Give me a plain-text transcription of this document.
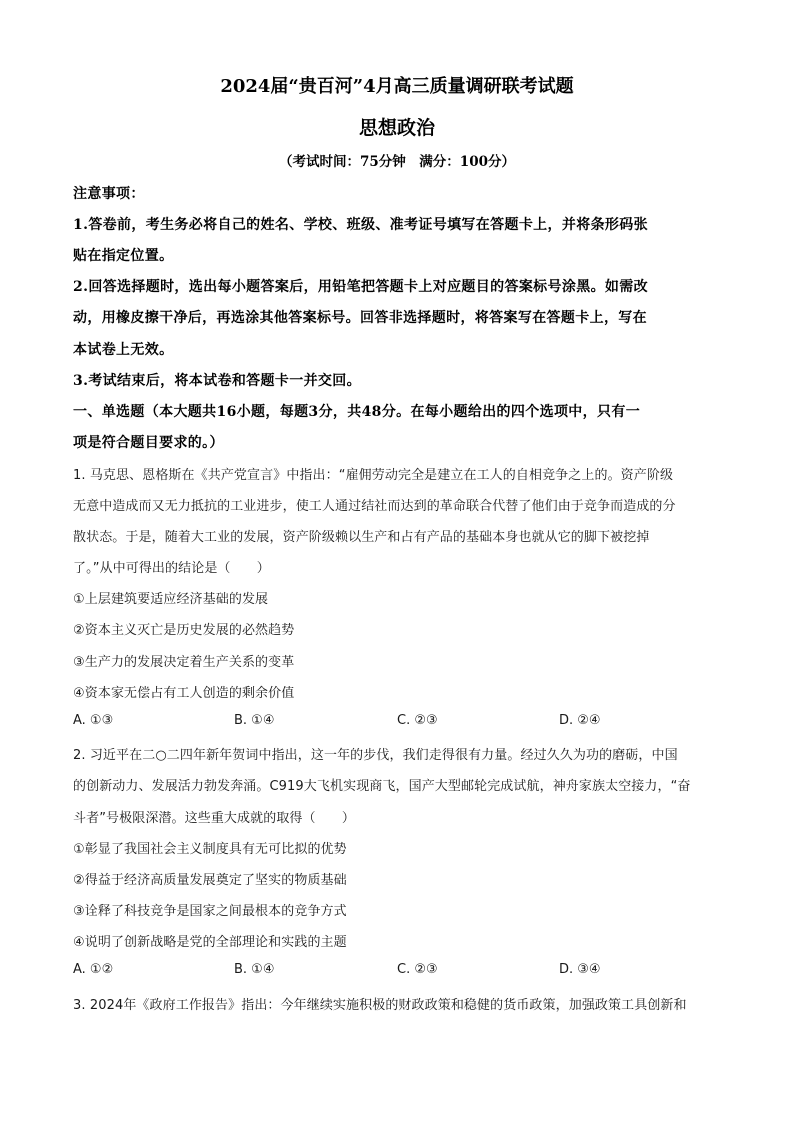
2024届“贵百河”4月高三质量调研联考试题
思想政治
（考试时间：75分钟　满分：100分）
注意事项：
1.答卷前，考生务必将自己的姓名、学校、班级、准考证号填写在答题卡上，并将条形码张
贴在指定位置。
2.回答选择题时，选出每小题答案后，用铅笔把答题卡上对应题目的答案标号涂黑。如需改
动，用橡皮擦干净后，再选涂其他答案标号。回答非选择题时，将答案写在答题卡上，写在
本试卷上无效。
3.考试结束后，将本试卷和答题卡一并交回。
一、单选题（本大题共16小题，每题3分，共48分。在每小题给出的四个选项中，只有一
项是符合题目要求的。）
1. 马克思、恩格斯在《共产党宣言》中指出：“雇佣劳动完全是建立在工人的自相竞争之上的。资产阶级
无意中造成而又无力抵抗的工业进步，使工人通过结社而达到的革命联合代替了他们由于竞争而造成的分
散状态。于是，随着大工业的发展，资产阶级赖以生产和占有产品的基础本身也就从它的脚下被挖掉
了。”从中可得出的结论是（　　）
①上层建筑要适应经济基础的发展
②资本主义灭亡是历史发展的必然趋势
③生产力的发展决定着生产关系的变革
④资本家无偿占有工人创造的剩余价值
A. ①③	B. ①④	C. ②③	D. ②④
2. 习近平在二○二四年新年贺词中指出，这一年的步伐，我们走得很有力量。经过久久为功的磨砺，中国
的创新动力、发展活力勃发奔涌。C919大飞机实现商飞，国产大型邮轮完成试航，神舟家族太空接力，“奋
斗者”号极限深潜。这些重大成就的取得（　　）
①彰显了我国社会主义制度具有无可比拟的优势
②得益于经济高质量发展奠定了坚实的物质基础
③诠释了科技竞争是国家之间最根本的竞争方式
④说明了创新战略是党的全部理论和实践的主题
A. ①②	B. ①④	C. ②③	D. ③④
3. 2024年《政府工作报告》指出：今年继续实施积极的财政政策和稳健的货币政策，加强政策工具创新和
